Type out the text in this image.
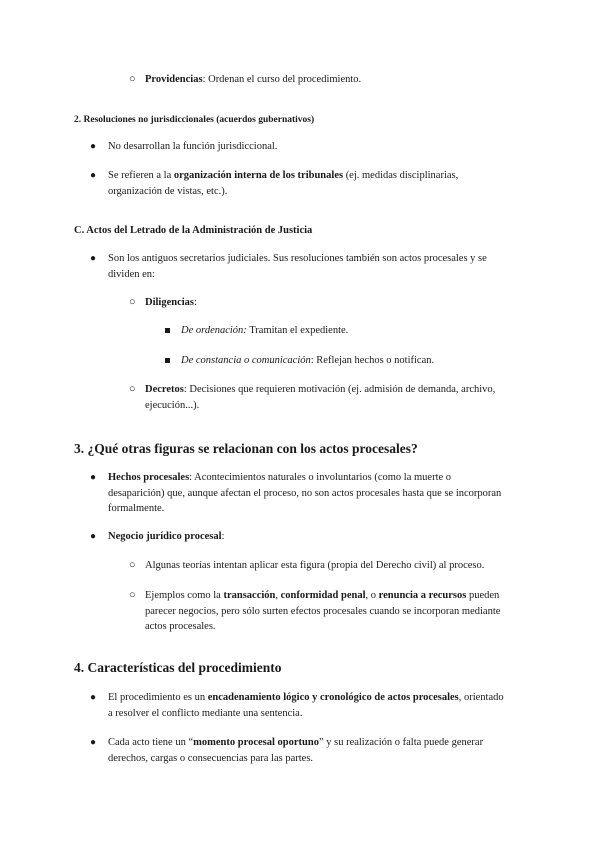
○ Providencias: Ordenan el curso del procedimiento.
2. Resoluciones no jurisdiccionales (acuerdos gubernativos)
● No desarrollan la función jurisdiccional.
● Se refieren a la organización interna de los tribunales (ej. medidas disciplinarias,
organización de vistas, etc.).
C. Actos del Letrado de la Administración de Justicia
● Son los antiguos secretarios judiciales. Sus resoluciones también son actos procesales y se
dividen en:
○ Diligencias:
De ordenación: Tramitan el expediente.
De constancia o comunicación: Reflejan hechos o notifican.
○ Decretos: Decisiones que requieren motivación (ej. admisión de demanda, archivo,
ejecución...).
3. ¿Qué otras figuras se relacionan con los actos procesales?
● Hechos procesales: Acontecimientos naturales o involuntarios (como la muerte o
desaparición) que, aunque afectan el proceso, no son actos procesales hasta que se incorporan
formalmente.
● Negocio jurídico procesal:
○ Algunas teorías intentan aplicar esta figura (propia del Derecho civil) al proceso.
○ Ejemplos como la transacción, conformidad penal, o renuncia a recursos pueden
parecer negocios, pero sólo surten efectos procesales cuando se incorporan mediante
actos procesales.
4. Características del procedimiento
● El procedimiento es un encadenamiento lógico y cronológico de actos procesales, orientado
a resolver el conflicto mediante una sentencia.
● Cada acto tiene un “momento procesal oportuno” y su realización o falta puede generar
derechos, cargas o consecuencias para las partes.
